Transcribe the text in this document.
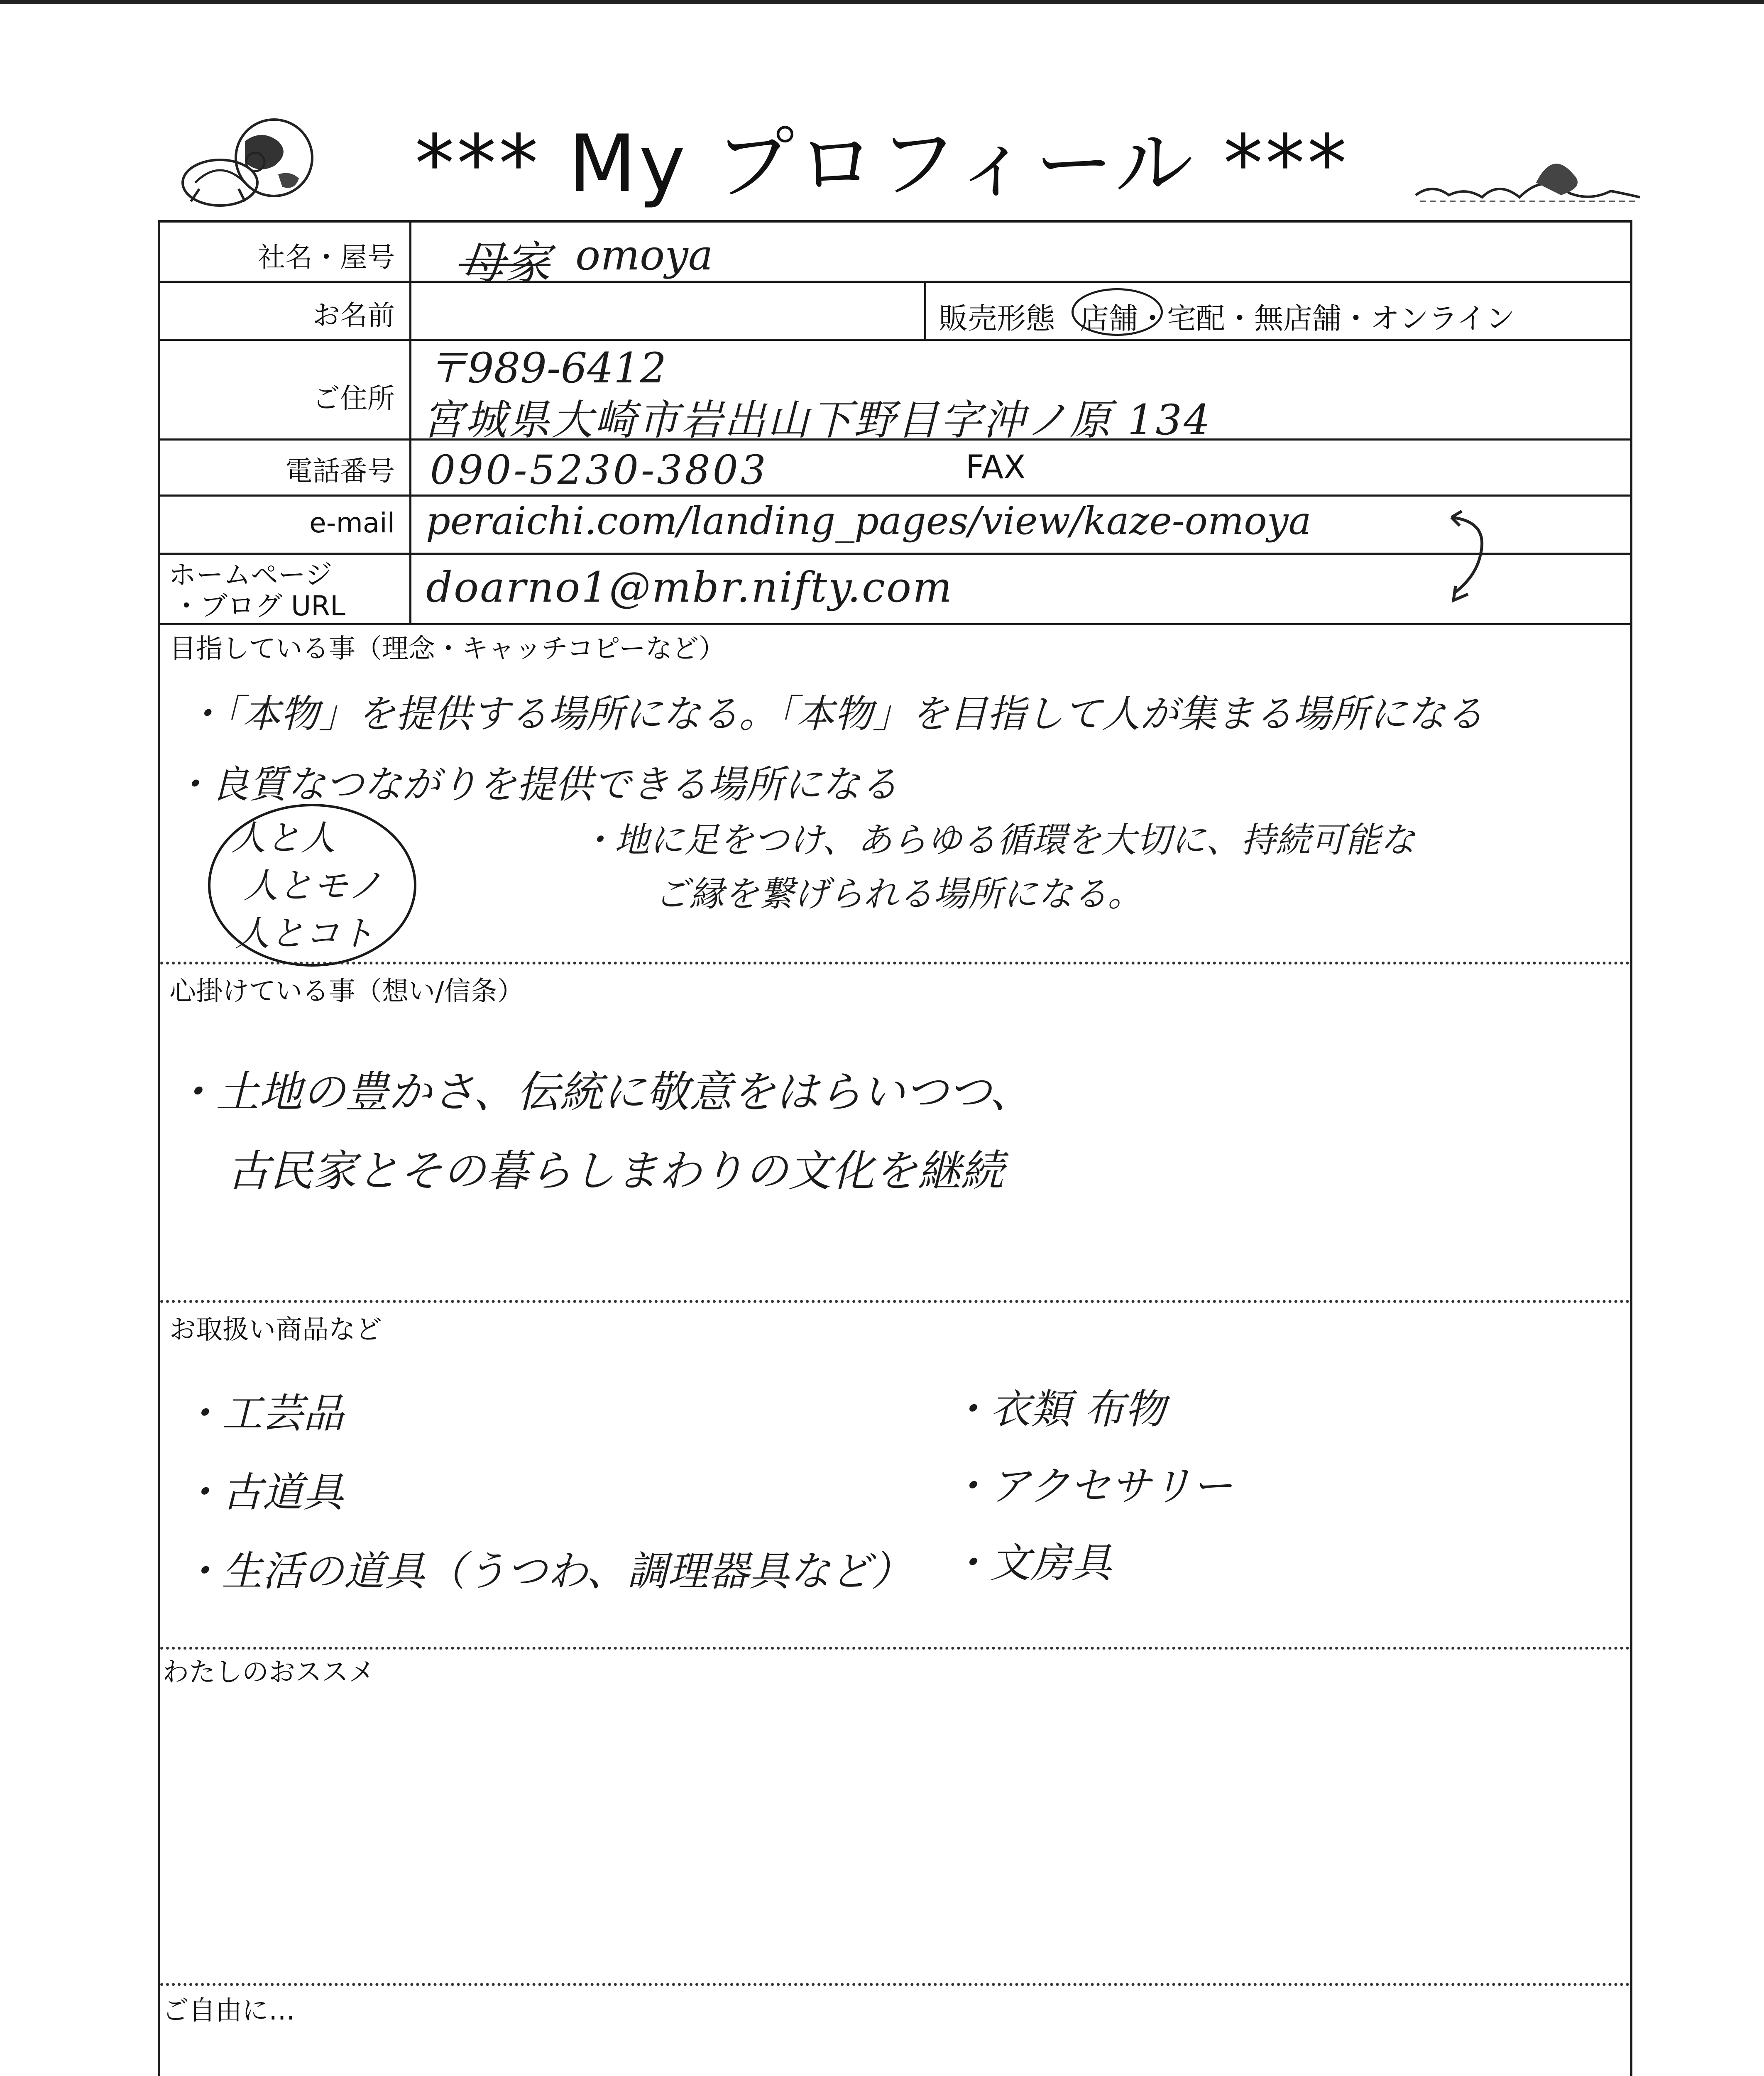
*** My プロフィール ***
社名・屋号
お名前
ご住所
電話番号
e-mail
ホームページ
・ブログ URL
母家 omoya
販売形態 店舗・宅配・無店舗・オンライン
〒989-6412
宮城県大崎市岩出山下野目字沖ノ原 134
090-5230-3803	FAX
peraichi.com/landing_pages/view/kaze-omoya
doarno1@mbr.nifty.com
目指している事（理念・キャッチコピーなど）
・「本物」を提供する場所になる。「本物」を目指して人が集まる場所になる
・良質なつながりを提供できる場所になる
人と人
人とモノ
人とコト
・地に足をつけ、あらゆる循環を大切に、持続可能な
ご縁を繋げられる場所になる。
心掛けている事（想い/信条）
・土地の豊かさ、伝統に敬意をはらいつつ、
古民家とその暮らしまわりの文化を継続
お取扱い商品など
・工芸品
・古道具
・生活の道具（うつわ、調理器具など）
・衣類 布物
・アクセサリー
・文房具
わたしのおススメ
ご自由に…
